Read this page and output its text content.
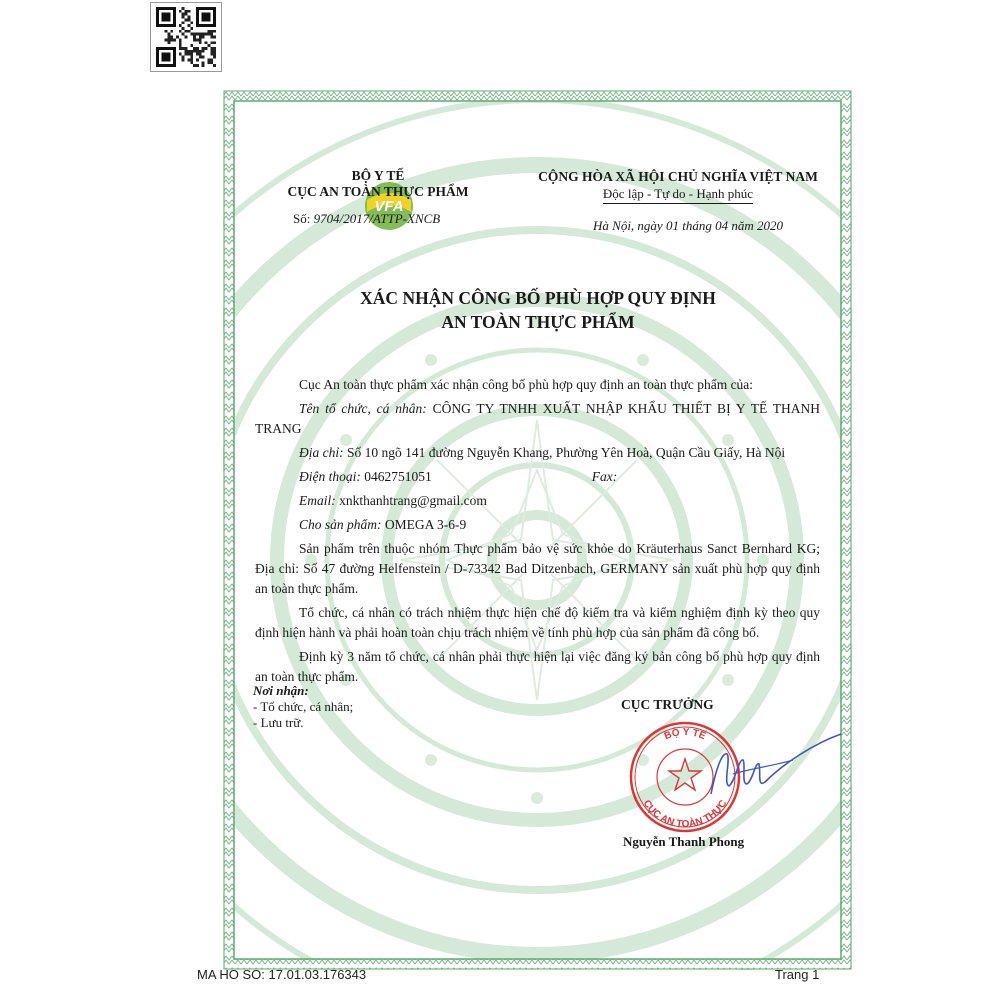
VFA
BỘ Y TẾ
CỤC AN TOÀN THỰC PHẨM
Số: 9704/2017/ATTP-XNCB
CỘNG HÒA XÃ HỘI CHỦ NGHĨA VIỆT NAM
Độc lập - Tự do - Hạnh phúc
Hà Nội, ngày 01 tháng 04 năm 2020
XÁC NHẬN CÔNG BỐ PHÙ HỢP QUY ĐỊNH
AN TOÀN THỰC PHẨM

Cục An toàn thực phẩm xác nhận công bố phù hợp quy định an toàn thực phẩm của:

Tên tổ chức, cá nhân: CÔNG TY TNHH XUẤT NHẬP KHẨU THIẾT BỊ Y TẾ THANH TRANG

Địa chỉ: Số 10 ngõ 141 đường Nguyễn Khang, Phường Yên Hoà, Quận Cầu Giấy, Hà Nội

Điện thoại: 0462751051	Fax:

Email: xnkthanhtrang@gmail.com

Cho sản phẩm: OMEGA 3-6-9

Sản phẩm trên thuộc nhóm Thực phẩm bảo vệ sức khỏe do Kräuterhaus Sanct Bernhard KG; Địa chỉ: Số 47 đường Helfenstein / D-73342 Bad Ditzenbach, GERMANY sản xuất phù hợp quy định an toàn thực phẩm.

Tổ chức, cá nhân có trách nhiệm thực hiện chế độ kiểm tra và kiểm nghiệm định kỳ theo quy định hiện hành và phải hoàn toàn chịu trách nhiệm về tính phù hợp của sản phẩm đã công bố.

Định kỳ 3 năm tổ chức, cá nhân phải thực hiện lại việc đăng ký bản công bố phù hợp quy định an toàn thực phẩm.

Nơi nhận:
- Tổ chức, cá nhân;
- Lưu trữ.
CỤC TRƯỞNG
BỘ Y TẾ
CỤC AN TOÀN THỰC
Nguyễn Thanh Phong
MA HO SO: 17.01.03.176343	Trang 1
